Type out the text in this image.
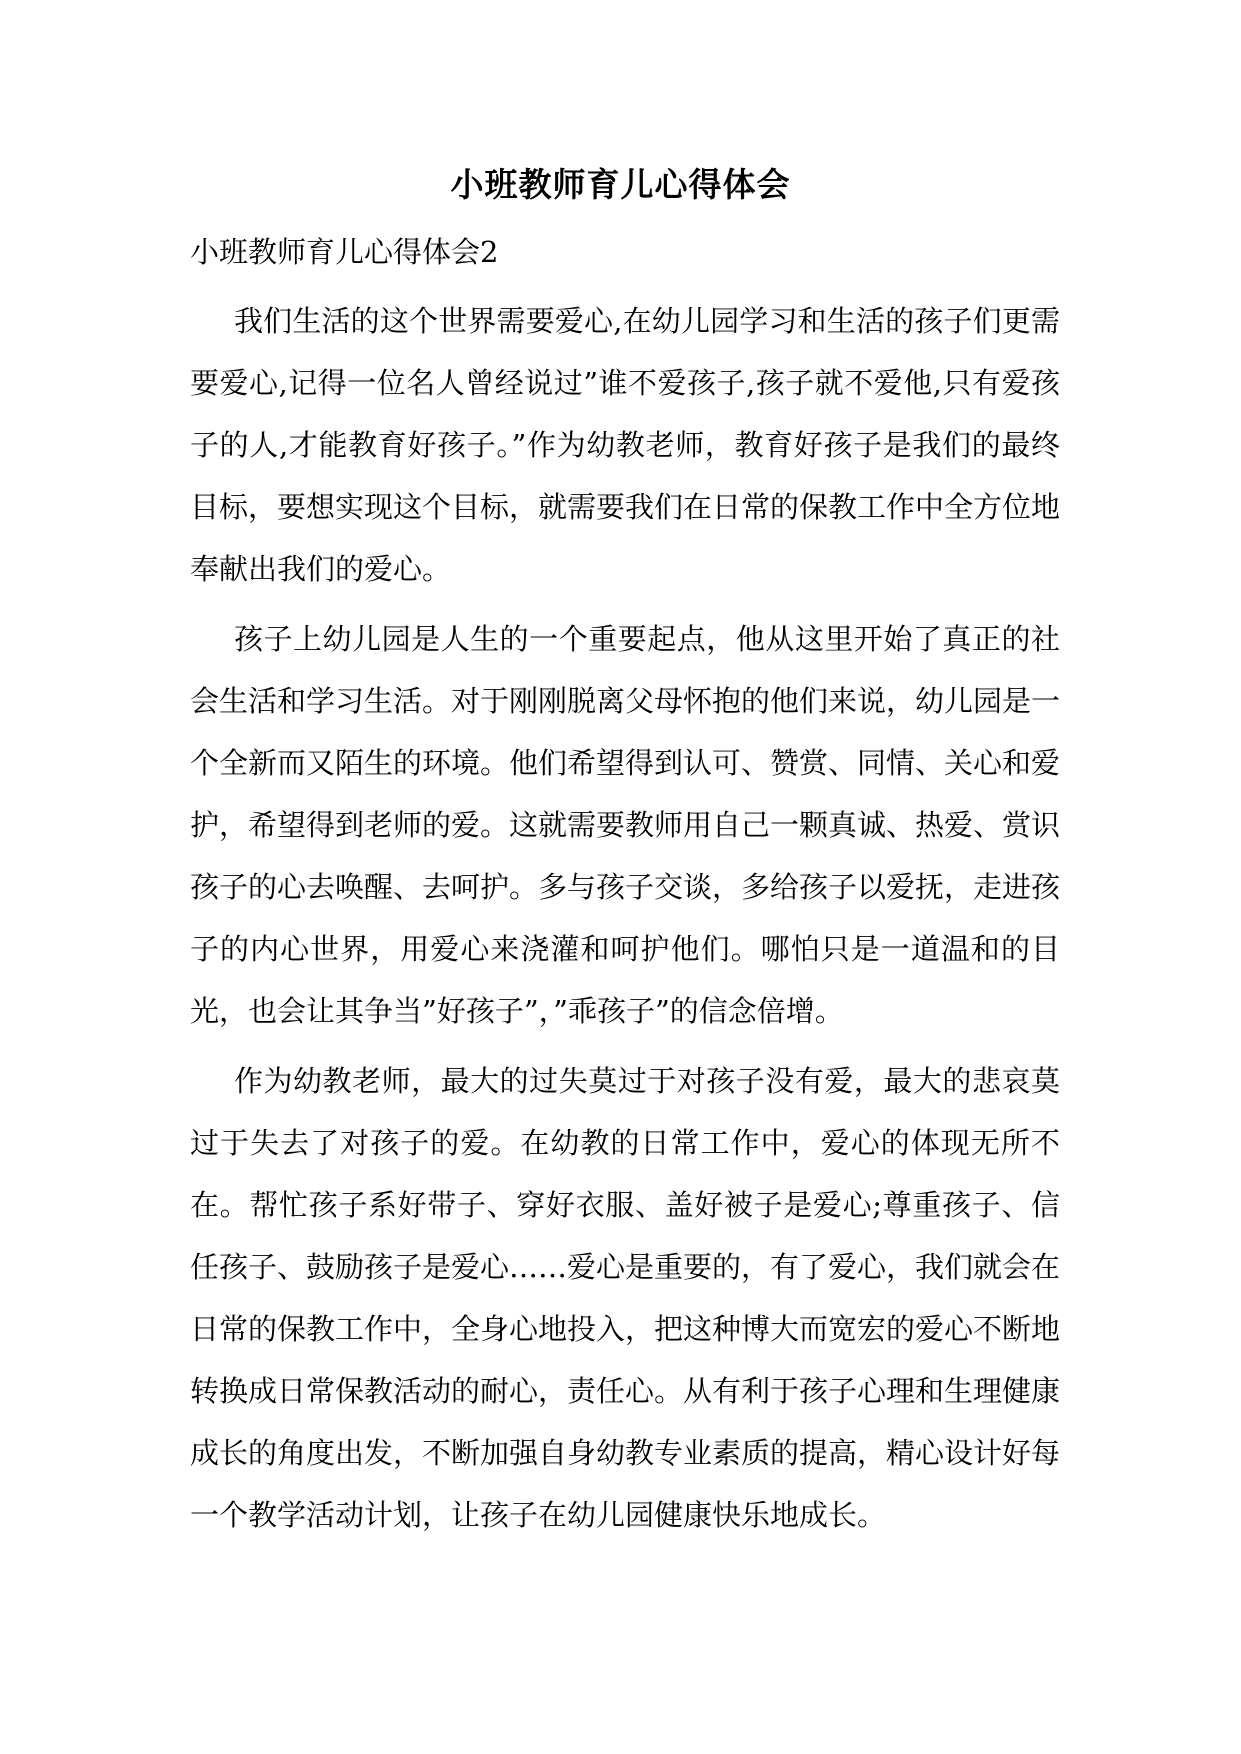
小班教师育儿心得体会
小班教师育儿心得体会2

我们生活的这个世界需要爱心,在幼儿园学习和生活的孩子们更需要爱心,记得一位名人曾经说过”谁不爱孩子,孩子就不爱他,只有爱孩子的人,才能教育好孩子。”作为幼教老师，教育好孩子是我们的最终目标，要想实现这个目标，就需要我们在日常的保教工作中全方位地奉献出我们的爱心。

孩子上幼儿园是人生的一个重要起点，他从这里开始了真正的社会生活和学习生活。对于刚刚脱离父母怀抱的他们来说，幼儿园是一个全新而又陌生的环境。他们希望得到认可、赞赏、同情、关心和爱护，希望得到老师的爱。这就需要教师用自己一颗真诚、热爱、赏识孩子的心去唤醒、去呵护。多与孩子交谈，多给孩子以爱抚，走进孩子的内心世界，用爱心来浇灌和呵护他们。哪怕只是一道温和的目光，也会让其争当”好孩子”，”乖孩子”的信念倍增。

作为幼教老师，最大的过失莫过于对孩子没有爱，最大的悲哀莫过于失去了对孩子的爱。在幼教的日常工作中，爱心的体现无所不在。帮忙孩子系好带子、穿好衣服、盖好被子是爱心;尊重孩子、信任孩子、鼓励孩子是爱心……爱心是重要的，有了爱心，我们就会在日常的保教工作中，全身心地投入，把这种博大而宽宏的爱心不断地转换成日常保教活动的耐心，责任心。从有利于孩子心理和生理健康成长的角度出发，不断加强自身幼教专业素质的提高，精心设计好每一个教学活动计划，让孩子在幼儿园健康快乐地成长。
